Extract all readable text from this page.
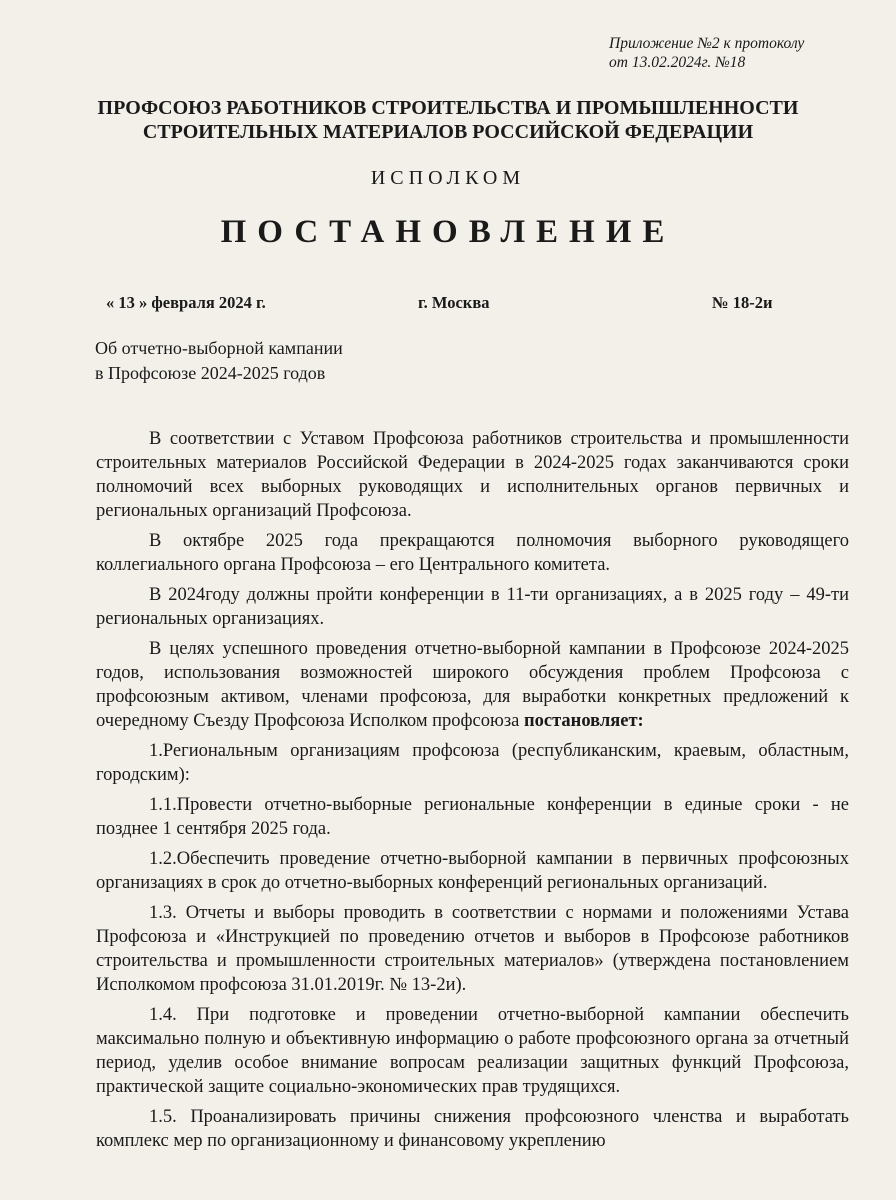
Приложение №2 к протоколу
от 13.02.2024г. №18
ПРОФСОЮЗ РАБОТНИКОВ СТРОИТЕЛЬСТВА И ПРОМЫШЛЕННОСТИ
СТРОИТЕЛЬНЫХ МАТЕРИАЛОВ РОССИЙСКОЙ ФЕДЕРАЦИИ
ИСПОЛКОМ
ПОСТАНОВЛЕНИЕ
« 13 » февраля 2024 г.	г. Москва	№ 18-2и
Об отчетно-выборной кампании
в Профсоюзе 2024-2025 годов

В соответствии с Уставом Профсоюза работников строительства и промышленности строительных материалов Российской Федерации в 2024-2025 годах заканчиваются сроки полномочий всех выборных руководящих и исполнительных органов первичных и региональных организаций Профсоюза.

В октябре 2025 года прекращаются полномочия выборного руководящего коллегиального органа Профсоюза – его Центрального комитета.

В 2024году должны пройти конференции в 11-ти организациях, а в 2025 году – 49-ти региональных организациях.

В целях успешного проведения отчетно-выборной кампании в Профсоюзе 2024-2025 годов, использования возможностей широкого обсуждения проблем Профсоюза с профсоюзным активом, членами профсоюза, для выработки конкретных предложений к очередному Съезду Профсоюза Исполком профсоюза постановляет:

1.Региональным организациям профсоюза (республиканским, краевым, областным, городским):

1.1.Провести отчетно-выборные региональные конференции в единые сроки - не позднее 1 сентября 2025 года.

1.2.Обеспечить проведение отчетно-выборной кампании в первичных профсоюзных организациях в срок до отчетно-выборных конференций региональных организаций.

1.3. Отчеты и выборы проводить в соответствии с нормами и положениями Устава Профсоюза и «Инструкцией по проведению отчетов и выборов в Профсоюзе работников строительства и промышленности строительных материалов» (утверждена постановлением Исполкомом профсоюза 31.01.2019г. № 13-2и).

1.4. При подготовке и проведении отчетно-выборной кампании обеспечить максимально полную и объективную информацию о работе профсоюзного органа за отчетный период, уделив особое внимание вопросам реализации защитных функций Профсоюза, практической защите социально-экономических прав трудящихся.

1.5. Проанализировать причины снижения профсоюзного членства и выработать комплекс мер по организационному и финансовому укреплению
